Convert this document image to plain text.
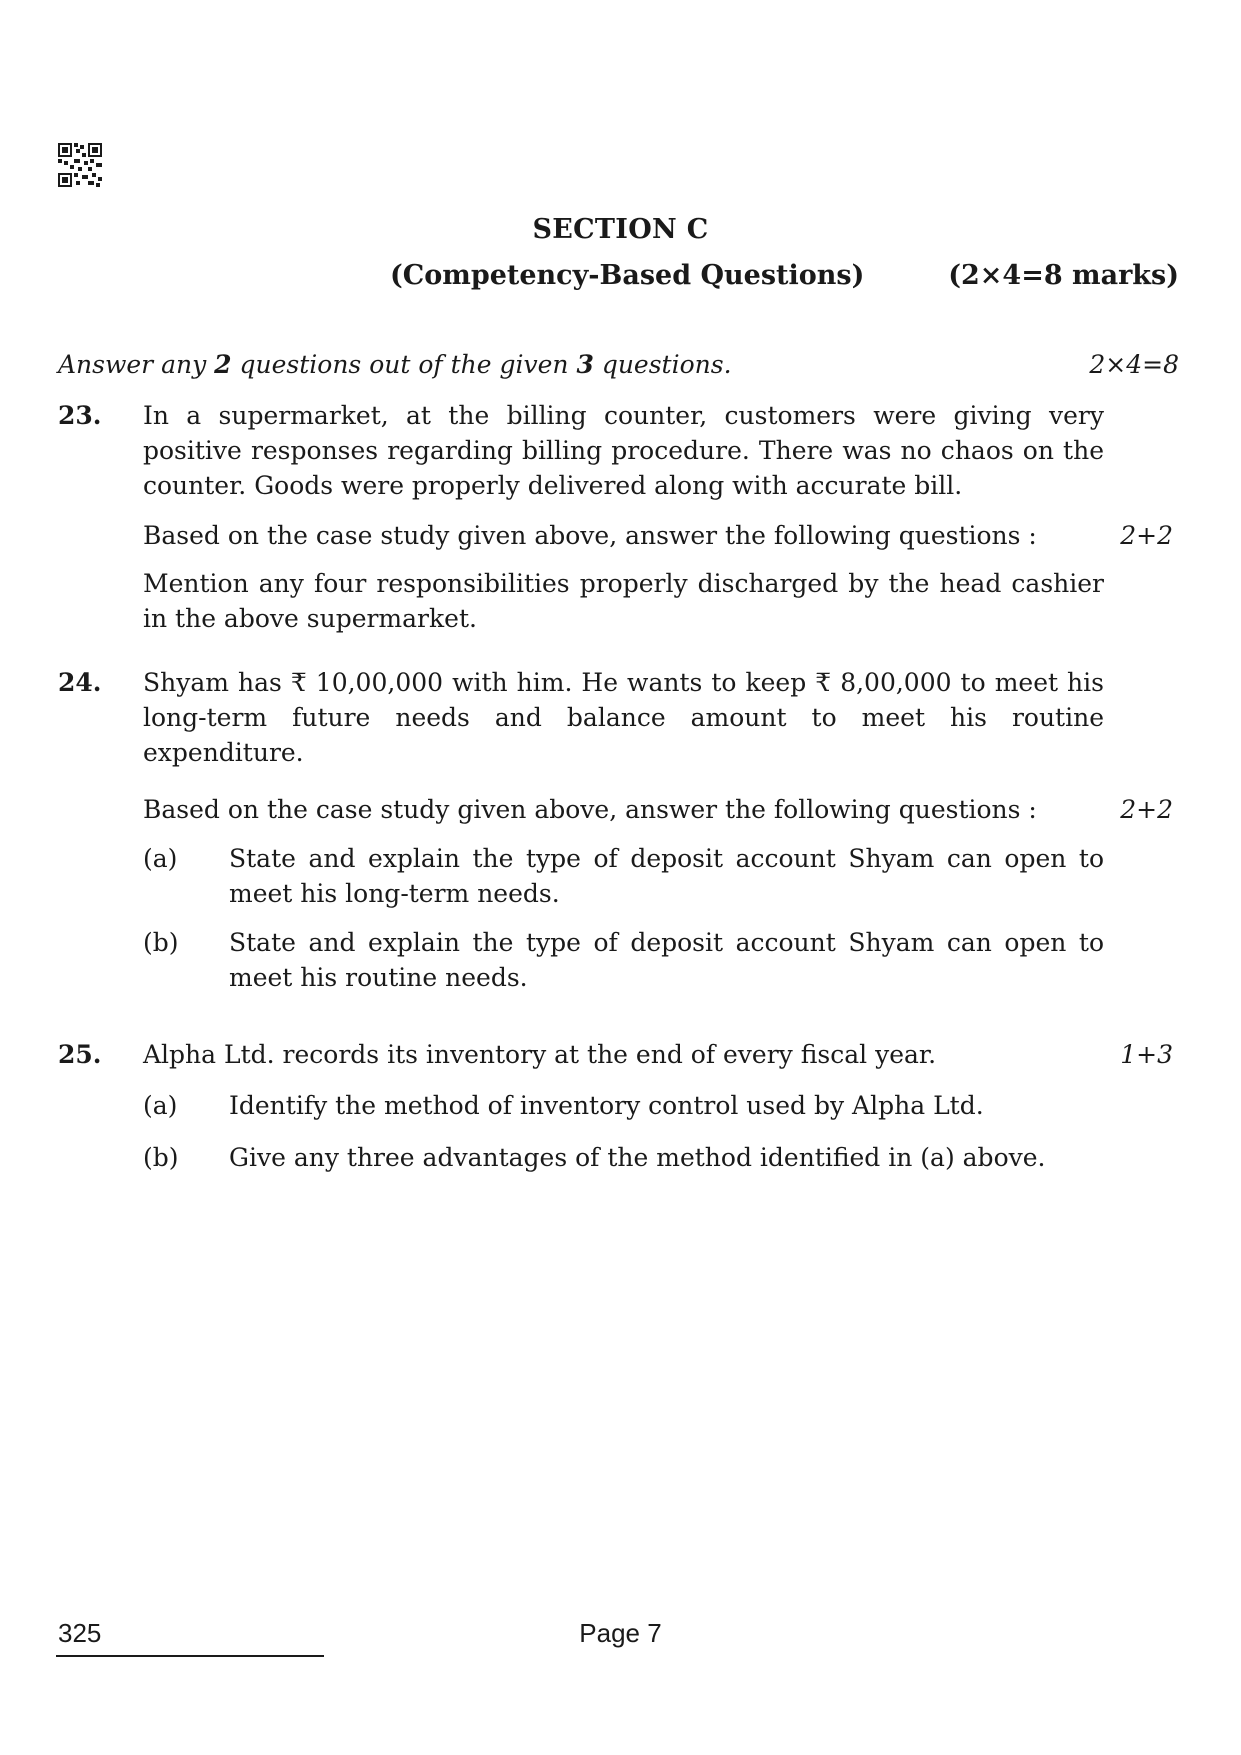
SECTION C
(Competency-Based Questions)	(2×4=8 marks)
Answer any 2 questions out of the given 3 questions.	2×4=8
23. In a supermarket, at the billing counter, customers were giving very positive responses regarding billing procedure. There was no chaos on the counter. Goods were properly delivered along with accurate bill.
Based on the case study given above, answer the following questions :	2+2
Mention any four responsibilities properly discharged by the head cashier in the above supermarket.
24. Shyam has ₹ 10,00,000 with him. He wants to keep ₹ 8,00,000 to meet his long-term future needs and balance amount to meet his routine expenditure.
Based on the case study given above, answer the following questions :	2+2
(a)	State and explain the type of deposit account Shyam can open to meet his long-term needs.
(b)	State and explain the type of deposit account Shyam can open to meet his routine needs.
25. Alpha Ltd. records its inventory at the end of every fiscal year.	1+3
(a)	Identify the method of inventory control used by Alpha Ltd.
(b)	Give any three advantages of the method identified in (a) above.
325	Page 7
